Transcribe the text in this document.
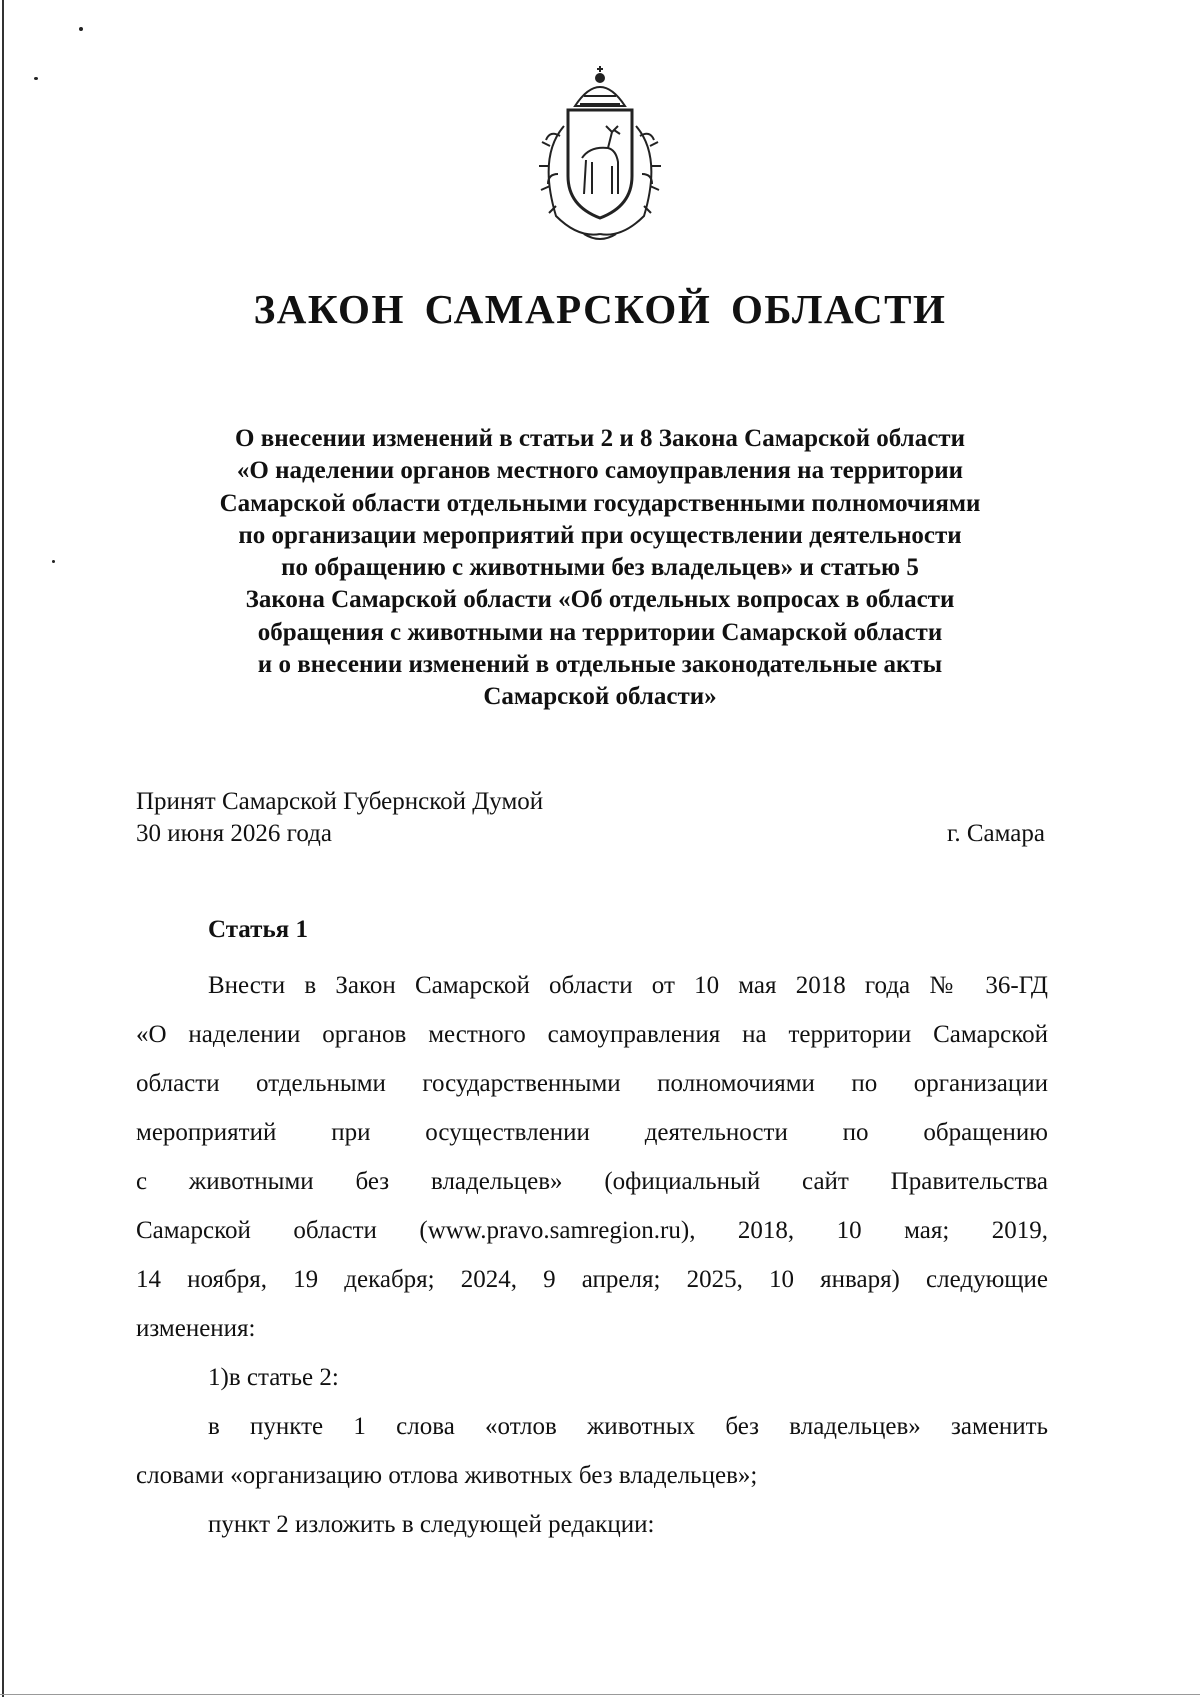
ЗАКОН САМАРСКОЙ ОБЛАСТИ
О внесении изменений в статьи 2 и 8 Закона Самарской области
«О наделении органов местного самоуправления на территории
Самарской области отдельными государственными полномочиями
по организации мероприятий при осуществлении деятельности
по обращению с животными без владельцев» и статью 5
Закона Самарской области «Об отдельных вопросах в области
обращения с животными на территории Самарской области
и о внесении изменений в отдельные законодательные акты
Самарской области»
Принят Самарской Губернской Думой
30 июня 2026 года	г. Самара
Статья 1
Внести в Закон Самарской области от 10 мая 2018 года № 36-ГД
«О наделении органов местного самоуправления на территории Самарской
области отдельными государственными полномочиями по организации
мероприятий при осуществлении деятельности по обращению
с животными без владельцев» (официальный сайт Правительства
Самарской области (www.pravo.samregion.ru), 2018, 10 мая; 2019,
14 ноября, 19 декабря; 2024, 9 апреля; 2025, 10 января) следующие
изменения:
1)в статье 2:
в пункте 1 слова «отлов животных без владельцев» заменить
словами «организацию отлова животных без владельцев»;
пункт 2 изложить в следующей редакции:
